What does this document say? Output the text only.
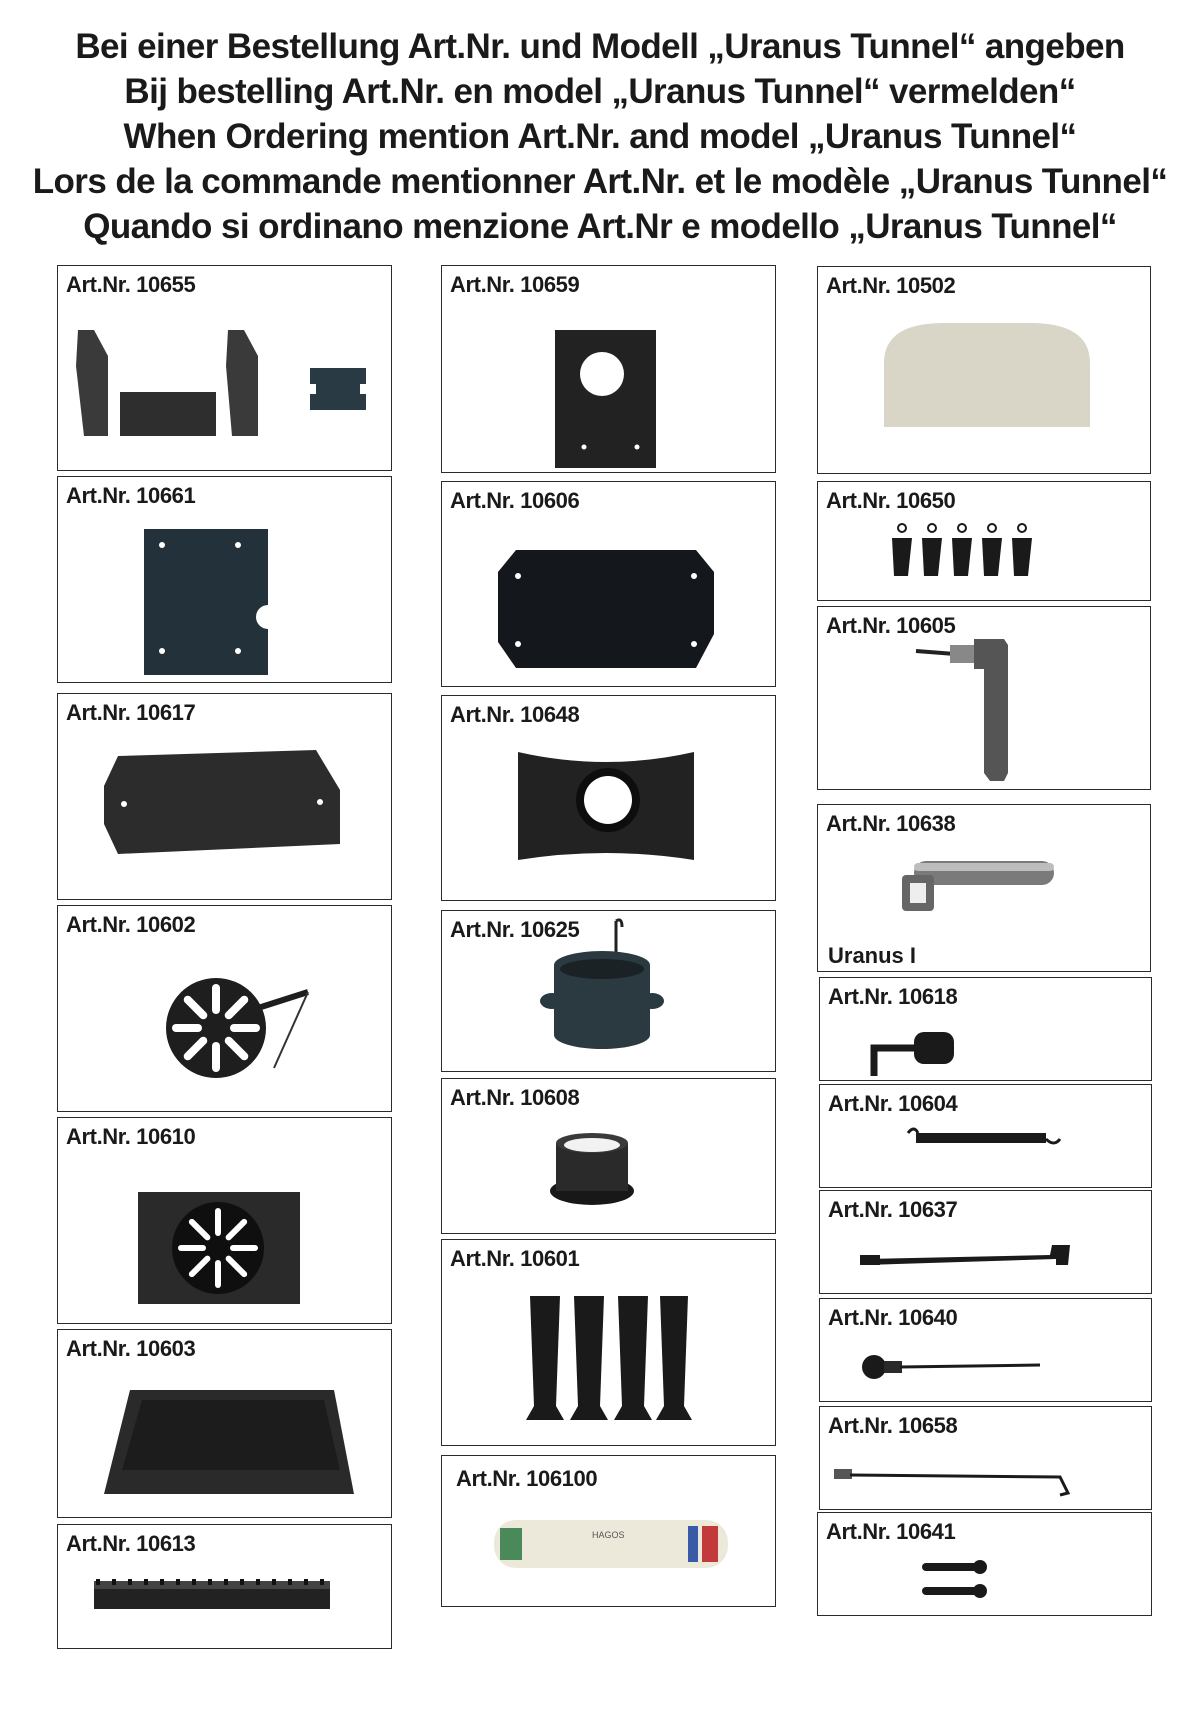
Bei einer Bestellung Art.Nr. und Modell „Uranus Tunnel“ angeben
Bij bestelling Art.Nr. en model „Uranus Tunnel“ vermelden“
When Ordering mention Art.Nr. and model „Uranus Tunnel“
Lors de la commande mentionner Art.Nr. et le modèle „Uranus Tunnel“
Quando si ordinano menzione Art.Nr e modello „Uranus Tunnel“
Art.Nr. 10655
Art.Nr. 10661
Art.Nr. 10617
Art.Nr. 10602
Art.Nr. 10610
Art.Nr. 10603
Art.Nr. 10613
Art.Nr. 10659
Art.Nr. 10606
Art.Nr. 10648
Art.Nr. 10625
Art.Nr. 10608
Art.Nr. 10601
Art.Nr. 106100
HAGOS
Art.Nr. 10502
Art.Nr. 10650
Art.Nr. 10605
Art.Nr. 10638
Uranus I
Art.Nr. 10618
Art.Nr. 10604
Art.Nr. 10637
Art.Nr. 10640
Art.Nr. 10658
Art.Nr. 10641
